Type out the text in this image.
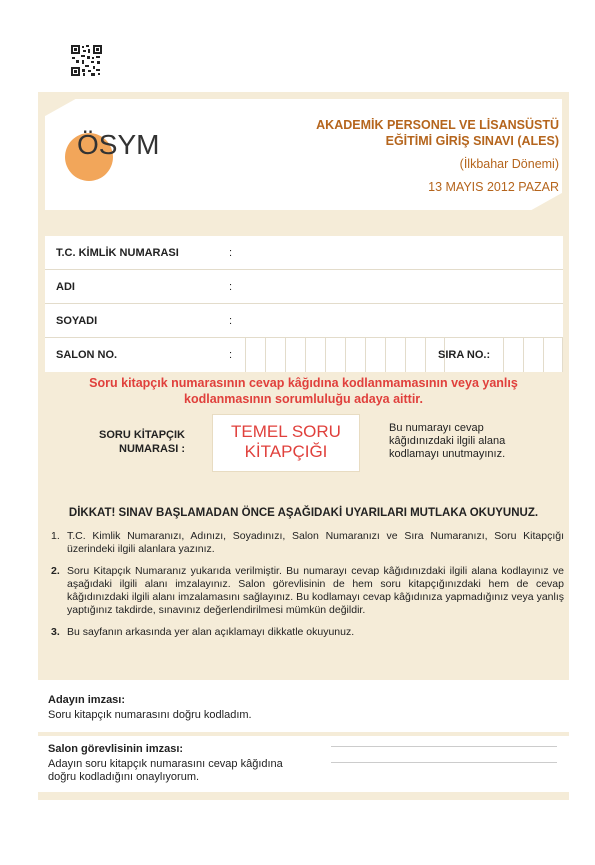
ÖSYM
AKADEMİK PERSONEL VE LİSANSÜSTÜ
EĞİTİMİ GİRİŞ SINAVI (ALES)
(İlkbahar Dönemi)
13 MAYIS 2012 PAZAR
T.C. KİMLİK NUMARASI	:
ADI	:
SOYADI	:
SALON NO.	:	SIRA NO.:
Soru kitapçık numarasının cevap kâğıdına kodlanmamasının veya yanlış
kodlanmasının sorumluluğu adaya aittir.
SORU KİTAPÇIK
NUMARASI :
TEMEL SORU
KİTAPÇIĞI
Bu numarayı cevap kâğıdınızdaki ilgili alana kodlamayı unutmayınız.
DİKKAT! SINAV BAŞLAMADAN ÖNCE AŞAĞIDAKİ UYARILARI MUTLAKA OKUYUNUZ.
1. T.C. Kimlik Numaranızı, Adınızı, Soyadınızı, Salon Numaranızı ve Sıra Numaranızı, Soru Kitapçığı üzerindeki ilgili alanlara yazınız.
2. Soru Kitapçık Numaranız yukarıda verilmiştir. Bu numarayı cevap kâğıdınızdaki ilgili alana kodlayınız ve aşağıdaki ilgili alanı imzalayınız. Salon görevlisinin de hem soru kitapçığınızdaki hem de cevap kâğıdınızdaki ilgili alanı imzalamasını sağlayınız. Bu kodlamayı cevap kâğıdınıza yapmadığınız veya yanlış yaptığınız takdirde, sınavınız değerlendirilmesi mümkün değildir.
3. Bu sayfanın arkasında yer alan açıklamayı dikkatle okuyunuz.
Adayın imzası:
Soru kitapçık numarasını doğru kodladım.
Salon görevlisinin imzası:
Adayın soru kitapçık numarasını cevap kâğıdına
doğru kodladığını onaylıyorum.
